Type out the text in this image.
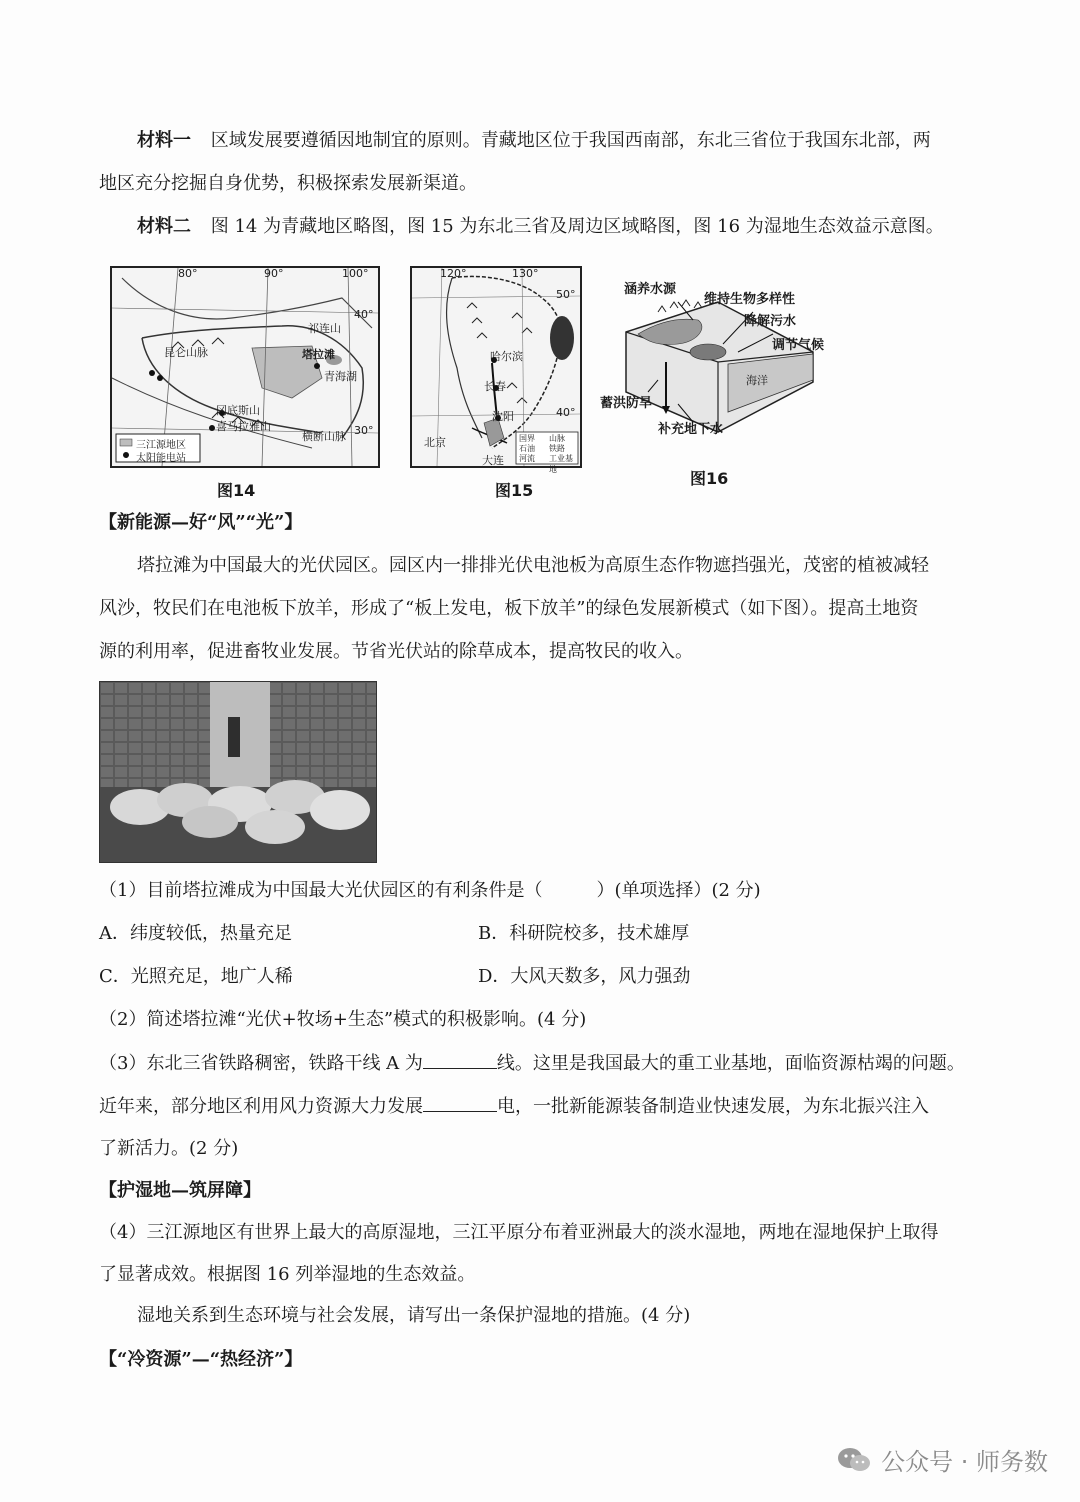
材料一 区域发展要遵循因地制宜的原则。青藏地区位于我国西南部，东北三省位于我国东北部，两
地区充分挖掘自身优势，积极探索发展新渠道。
材料二 图 14 为青藏地区略图，图 15 为东北三省及周边区域略图，图 16 为湿地生态效益示意图。
80°	90°	100°
40°
30°
昆仑山脉	塔拉滩
青海湖
冈底斯山
横断山脉
喜马拉雅山
祁连山
三江源地区
太阳能电站
图14
120°	130°
50°
40°
哈尔滨
长春
沈阳
北京
大连
国界 山脉
石油 铁路
河流 工业基地
图15
涵养水源
维持生物多样性
降解污水
调节气候
蓄洪防旱
补充地下水
海洋
图16
【新能源—好“风”“光”】
塔拉滩为中国最大的光伏园区。园区内一排排光伏电池板为高原生态作物遮挡强光，茂密的植被减轻
风沙，牧民们在电池板下放羊，形成了“板上发电，板下放羊”的绿色发展新模式（如下图）。提高土地资
源的利用率，促进畜牧业发展。节省光伏站的除草成本，提高牧民的收入。
（1）目前塔拉滩成为中国最大光伏园区的有利条件是（　　　）(单项选择）(2 分)
A．纬度较低，热量充足	B．科研院校多，技术雄厚
C．光照充足，地广人稀	D．大风天数多，风力强劲
（2）简述塔拉滩“光伏+牧场+生态”模式的积极影响。(4 分)
（3）东北三省铁路稠密，铁路干线 A 为	线。这里是我国最大的重工业基地，面临资源枯竭的问题。
近年来，部分地区利用风力资源大力发展	电，一批新能源装备制造业快速发展，为东北振兴注入
了新活力。(2 分)
【护湿地—筑屏障】
（4）三江源地区有世界上最大的高原湿地，三江平原分布着亚洲最大的淡水湿地，两地在湿地保护上取得
了显著成效。根据图 16 列举湿地的生态效益。
湿地关系到生态环境与社会发展，请写出一条保护湿地的措施。(4 分)
【“冷资源”—“热经济”】
公众号 · 师务数
